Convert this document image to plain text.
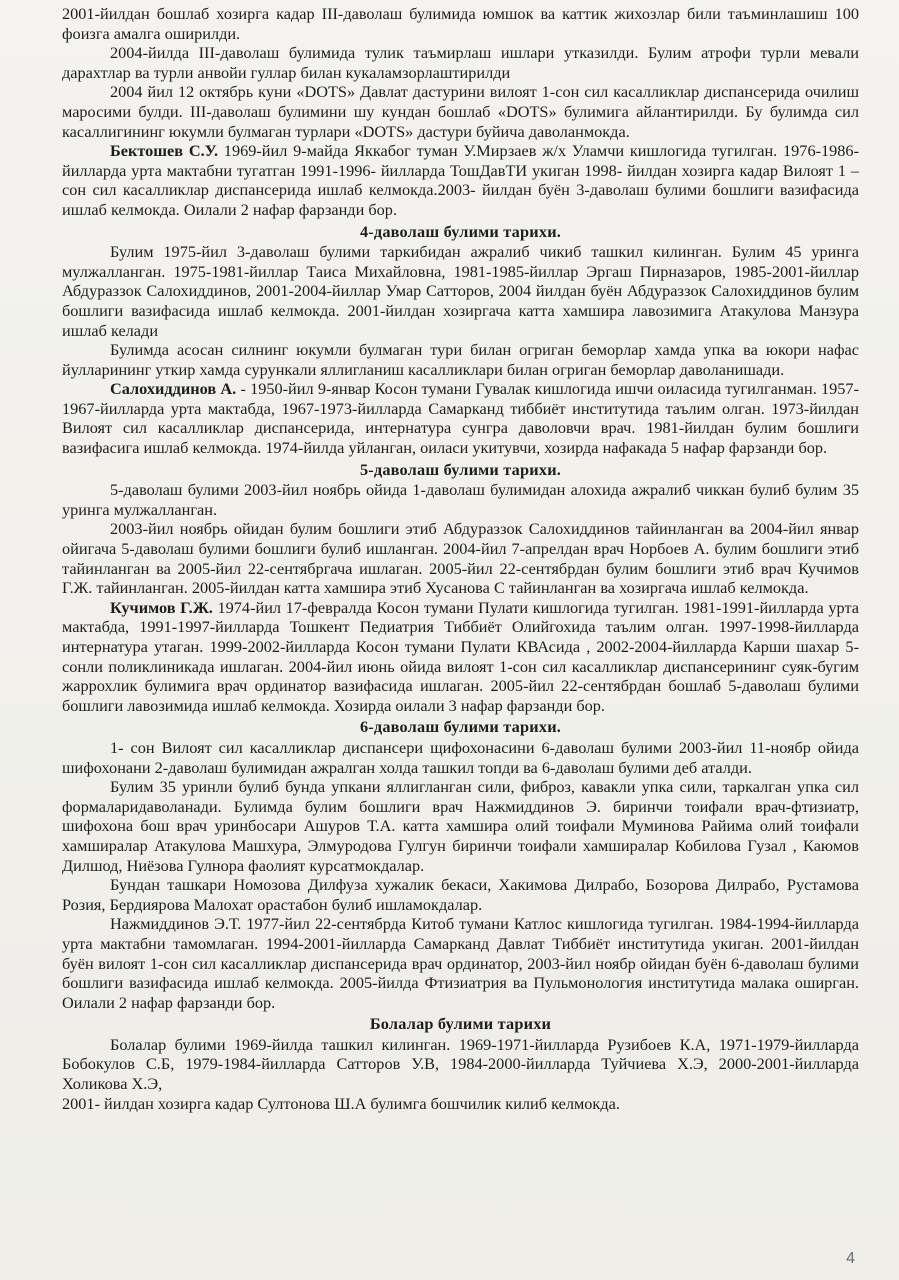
2001-йилдан бошлаб хозирга кадар III-даволаш булимида юмшок ва каттик жихозлар били таъминлашиш 100 фоизга амалга оширилди.

2004-йилда III-даволаш булимида тулик таъмирлаш ишлари утказилди. Булим атрофи турли мевали дарахтлар ва турли анвойи гуллар билан кукаламзорлаштирилди

2004 йил 12 октябрь куни «DOTS» Давлат дастурини вилоят 1-сон сил касалликлар диспансерида очилиш маросими булди. III-даволаш булимини шу кундан бошлаб «DOTS» булимига айлантирилди. Бу булимда сил касаллигининг юкумли булмаган турлари «DOTS» дастури буйича даволанмокда.

Бектошев С.У. 1969-йил 9-майда Яккабог туман У.Мирзаев ж/х Уламчи кишлогида тугилган. 1976-1986- йилларда урта мактабни тугатган 1991-1996- йилларда ТошДавТИ укиган 1998- йилдан хозирга кадар Вилоят 1 – сон сил касалликлар диспансерида ишлаб келмокда.2003- йилдан буён 3-даволаш булими бошлиги вазифасида ишлаб келмокда. Оилали 2 нафар фарзанди бор.

4-даволаш булими тарихи.

Булим 1975-йил 3-даволаш булими таркибидан ажралиб чикиб ташкил килинган. Булим 45 урингa мулжалланган. 1975-1981-йиллар Таиса Михайловна, 1981-1985-йиллар Эргаш Пирназаров, 1985-2001-йиллар Абдураззок Салохиддинов, 2001-2004-йиллар Умар Сатторов, 2004 йилдан буён Абдураззок Салохиддинов булим бошлиги вазифасида ишлаб келмокда. 2001-йилдан хозиргача катта хамшира лавозимига Атакулова Манзура ишлаб келади

Булимда асосан силнинг юкумли булмаган тури билан огриган беморлар хамда упка ва юкори нафас йулларининг уткир хамда сурункали яллигланиш касалликлари билан огриган беморлар даволанишади.

Салохиддинов А. - 1950-йил 9-январ Косон тумани Гувалак кишлогида ишчи оиласида тугилганман. 1957-1967-йилларда урта мактабда, 1967-1973-йилларда Самарканд тиббиёт институтида таълим олган. 1973-йилдан Вилоят сил касалликлар диспансерида, интернатура сунгра даволовчи врач. 1981-йилдан булим бошлиги вазифасига ишлаб келмокда. 1974-йилда уйланган, оиласи укитувчи, хозирда нафакада 5 нафар фарзанди бор.

5-даволаш булими тарихи.

5-даволаш булими 2003-йил ноябрь ойида 1-даволаш булимидан алохида ажралиб чиккан булиб булим 35 уринга мулжалланган.

2003-йил ноябрь ойидан булим бошлиги этиб Абдураззок Салохиддинов тайинланган ва 2004-йил январ ойигача 5-даволаш булими бошлиги булиб ишланган. 2004-йил 7-апрелдан врач Норбоев А. булим бошлиги этиб тайинланган ва 2005-йил 22-сентябргача ишлаган. 2005-йил 22-сентябрдан булим бошлиги этиб врач Кучимов Г.Ж. тайинланган. 2005-йилдан катта хамшира этиб Хусанова С тайинланган ва хозиргача ишлаб келмокда.

Кучимов Г.Ж. 1974-йил 17-февралда Косон тумани Пулати кишлогида тугилган. 1981-1991-йилларда урта мактабда, 1991-1997-йилларда Тошкент Педиатрия Тиббиёт Олийгохида таълим олган. 1997-1998-йилларда интернатура утаган. 1999-2002-йилларда Косон тумани Пулати КВАсида , 2002-2004-йилларда Карши шахар 5-сонли поликлиникада ишлаган. 2004-йил июнь ойида вилоят 1-сон сил касалликлар диспансерининг суяк-бугим жаррохлик булимига врач ординатор вазифасида ишлаган. 2005-йил 22-сентябрдан бошлаб 5-даволаш булими бошлиги лавозимида ишлаб келмокда. Хозирда оилали 3 нафар фарзанди бор.

6-даволаш булими тарихи.

1- сон Вилоят сил касалликлар диспансери щифохонасини 6-даволаш булими 2003-йил 11-ноябр ойида шифохонани 2-даволаш булимидан ажралган холда ташкил топди ва 6-даволаш булими деб аталди.

Булим 35 уринли булиб бунда упкани яллигланган сили, фиброз, кавакли упка сили, таркалган упка сил формаларидаволанади. Булимда булим бошлиги врач Нажмиддинов Э. биринчи тоифали врач-фтизиатр, шифохона бош врач уринбосари Ашуров Т.А. катта хамшира олий тоифали Муминова Райима олий тоифали хамширалар Атакулова Машхура, Элмуродова Гулгун биринчи тоифали хамширалар Кобилова Гузал , Каюмов Дилшод, Ниёзова Гулнора фаолият курсатмокдалар.

Бундан ташкари Номозова Дилфуза хужалик бекаси, Хакимова Дилрабо, Бозорова Дилрабо, Рустамова Розия, Бердиярова Малохат орастабон булиб ишламокдалар.

Нажмиддинов Э.Т. 1977-йил 22-сентябрда Китоб тумани Катлос кишлогида тугилган. 1984-1994-йилларда урта мактабни тамомлаган. 1994-2001-йилларда Самарканд Давлат Тиббиёт институтида укиган. 2001-йилдан буён вилоят 1-сон сил касалликлар диспансерида врач ординатор, 2003-йил ноябр ойидан буён 6-даволаш булими бошлиги вазифасида ишлаб келмокда. 2005-йилда Фтизиатрия ва Пульмонология институтида малака оширган. Оилали 2 нафар фарзанди бор.

Болалар булими тарихи

Болалар булими 1969-йилда ташкил килинган. 1969-1971-йилларда Рузибоев К.А, 1971-1979-йилларда Бобокулов С.Б, 1979-1984-йилларда Сатторов У.В, 1984-2000-йилларда Туйчиева Х.Э, 2000-2001-йилларда Холикова Х.Э,

2001- йилдан хозирга кадар Султонова Ш.А булимга бошчилик килиб келмокда.

4
